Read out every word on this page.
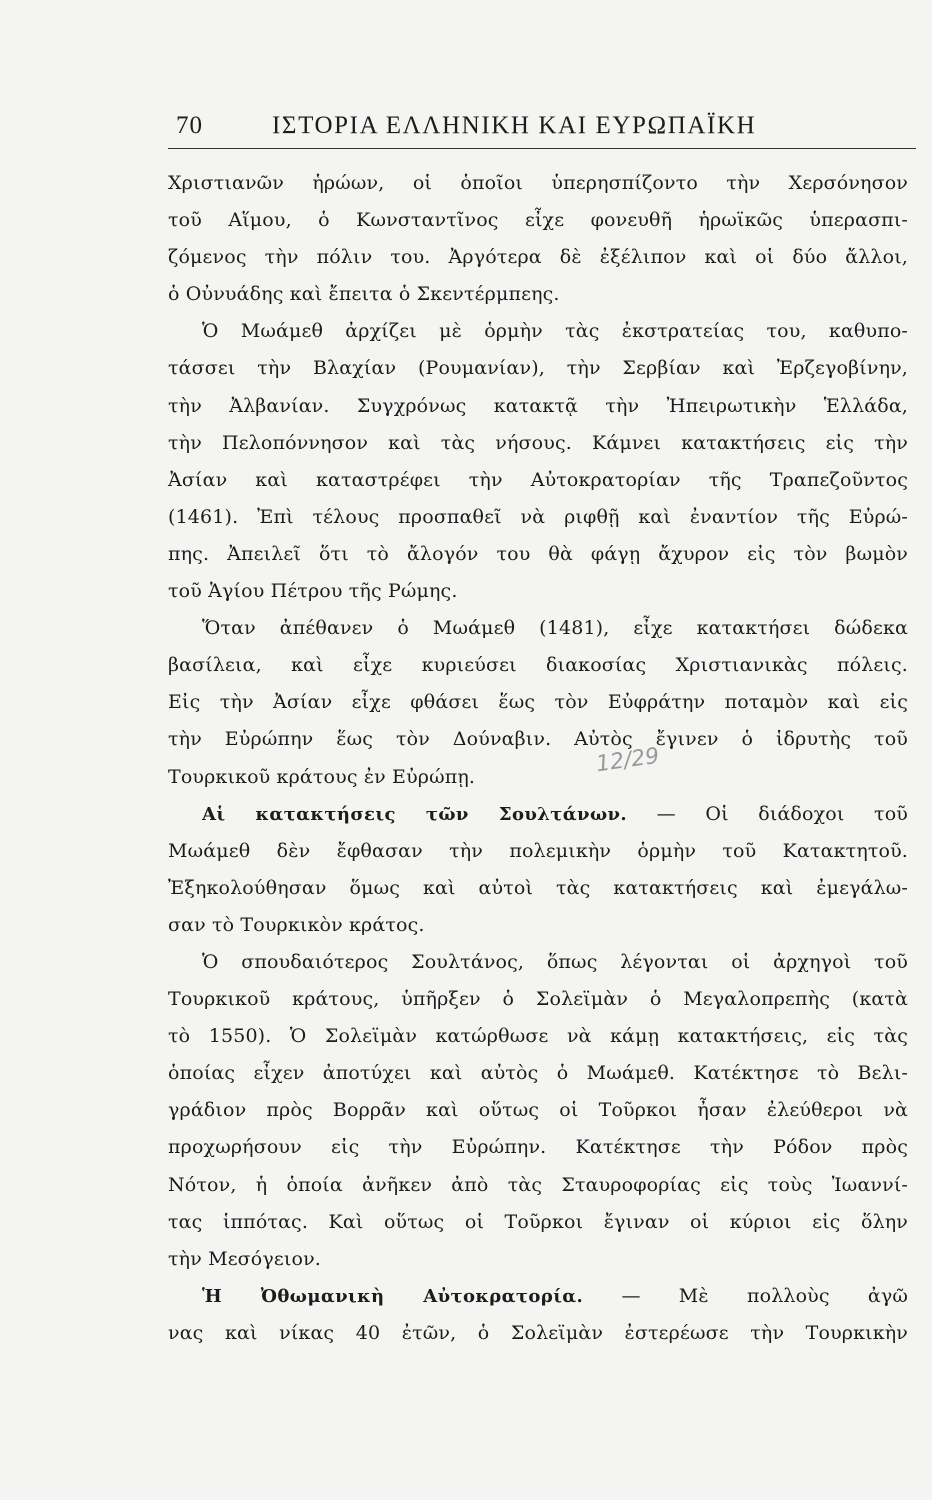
70	ΙΣΤΟΡΙΑ ΕΛΛΗΝΙΚΗ ΚΑΙ ΕΥΡΩΠΑΪΚΗ
Χριστιανῶν ἡρώων, οἱ ὁποῖοι ὑπερησπίζοντο τὴν Χερσόνησον
τοῦ Αἵμου, ὁ Κωνσταντῖνος εἶχε φονευθῆ ἡρωϊκῶς ὑπερασπι-
ζόμενος τὴν πόλιν του. Ἀργότερα δὲ ἐξέλιπον καὶ οἱ δύο ἄλλοι,
ὁ Οὐνυάδης καὶ ἔπειτα ὁ Σκεντέρμπεης.
Ὁ Μωάμεθ ἀρχίζει μὲ ὁρμὴν τὰς ἐκστρατείας του, καθυπο-
τάσσει τὴν Βλαχίαν (Ρουμανίαν), τὴν Σερβίαν καὶ Ἐρζεγοβίνην,
τὴν Ἀλβανίαν. Συγχρόνως κατακτᾷ τὴν Ἠπειρωτικὴν Ἑλλάδα,
τὴν Πελοπόννησον καὶ τὰς νήσους. Κάμνει κατακτήσεις εἰς τὴν
Ἀσίαν καὶ καταστρέφει τὴν Αὐτοκρατορίαν τῆς Τραπεζοῦντος
(1461). Ἐπὶ τέλους προσπαθεῖ νὰ ριφθῇ καὶ ἐναντίον τῆς Εὐρώ-
πης. Ἀπειλεῖ ὅτι τὸ ἄλογόν του θὰ φάγῃ ἄχυρον εἰς τὸν βωμὸν
τοῦ Ἁγίου Πέτρου τῆς Ρώμης.
Ὅταν ἀπέθανεν ὁ Μωάμεθ (1481), εἶχε κατακτήσει δώδεκα
βασίλεια, καὶ εἶχε κυριεύσει διακοσίας Χριστιανικὰς πόλεις.
Εἰς τὴν Ἀσίαν εἶχε φθάσει ἕως τὸν Εὐφράτην ποταμὸν καὶ εἰς
τὴν Εὐρώπην ἕως τὸν Δούναβιν. Αὐτὸς ἔγινεν ὁ ἱδρυτὴς τοῦ
Τουρκικοῦ κράτους ἐν Εὐρώπῃ.
Αἱ κατακτήσεις τῶν Σουλτάνων. — Οἱ διάδοχοι τοῦ
Μωάμεθ δὲν ἔφθασαν τὴν πολεμικὴν ὁρμὴν τοῦ Κατακτητοῦ.
Ἐξηκολούθησαν ὅμως καὶ αὐτοὶ τὰς κατακτήσεις καὶ ἐμεγάλω-
σαν τὸ Τουρκικὸν κράτος.
Ὁ σπουδαιότερος Σουλτάνος, ὅπως λέγονται οἱ ἀρχηγοὶ τοῦ
Τουρκικοῦ κράτους, ὑπῆρξεν ὁ Σολεϊμὰν ὁ Μεγαλοπρεπὴς (κατὰ
τὸ 1550). Ὁ Σολεϊμὰν κατώρθωσε νὰ κάμῃ κατακτήσεις, εἰς τὰς
ὁποίας εἶχεν ἀποτύχει καὶ αὐτὸς ὁ Μωάμεθ. Κατέκτησε τὸ Βελι-
γράδιον πρὸς Βορρᾶν καὶ οὕτως οἱ Τοῦρκοι ἦσαν ἐλεύθεροι νὰ
προχωρήσουν εἰς τὴν Εὐρώπην. Κατέκτησε τὴν Ρόδον πρὸς
Νότον, ἡ ὁποία ἀνῆκεν ἀπὸ τὰς Σταυροφορίας εἰς τοὺς Ἰωαννί-
τας ἱππότας. Καὶ οὕτως οἱ Τοῦρκοι ἔγιναν οἱ κύριοι εἰς ὅλην
τὴν Μεσόγειον.
Ἡ Ὀθωμανικὴ Αὐτοκρατορία. — Μὲ πολλοὺς ἀγῶ
νας καὶ νίκας 40 ἐτῶν, ὁ Σολεϊμὰν ἐστερέωσε τὴν Τουρκικὴν
12/29
